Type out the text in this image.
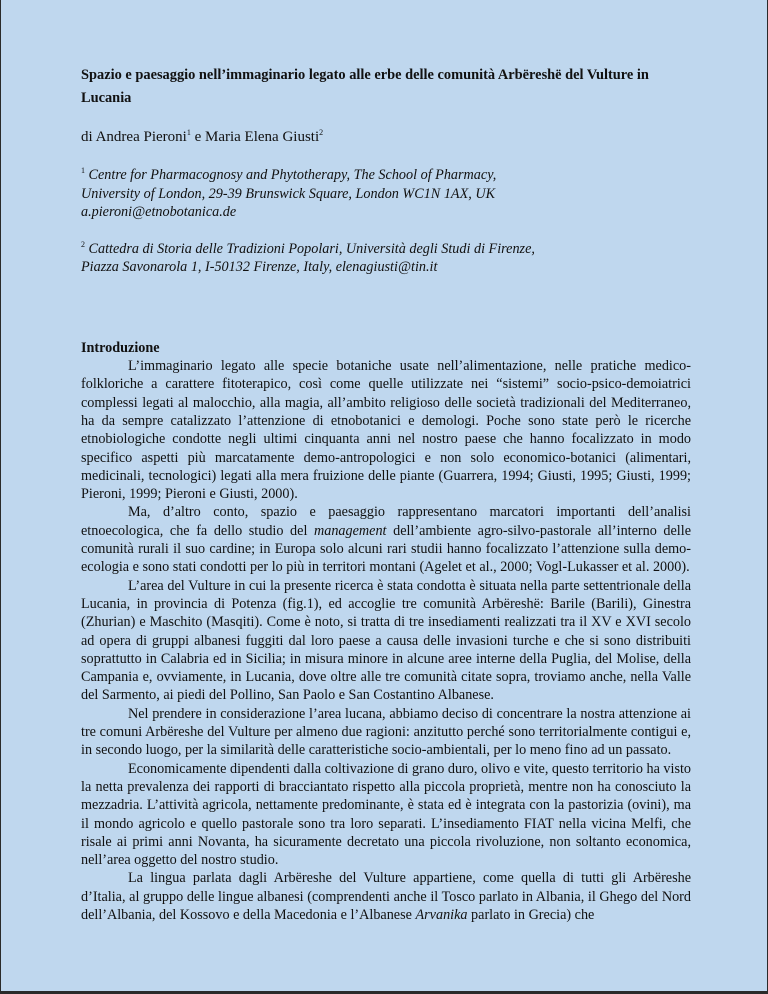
Spazio e paesaggio nell’immaginario legato alle erbe delle comunità Arbëreshë del Vulture in Lucania
di Andrea Pieroni$^1$ e Maria Elena Giusti$^2$
$^1$ Centre for Pharmacognosy and Phytotherapy, The School of Pharmacy,
University of London, 29-39 Brunswick Square, London WC1N 1AX, UK
a.pieroni@etnobotanica.de
$^2$ Cattedra di Storia delle Tradizioni Popolari, Università degli Studi di Firenze,
Piazza Savonarola 1, I-50132 Firenze, Italy, elenagiusti@tin.it
Introduzione

L’immaginario legato alle specie botaniche usate nell’alimentazione, nelle pratiche medico-folkloriche a carattere fitoterapico, così come quelle utilizzate nei “sistemi” socio-psico-demoiatrici complessi legati al malocchio, alla magia, all’ambito religioso delle società tradizionali del Mediterraneo, ha da sempre catalizzato l’attenzione di etnobotanici e demologi. Poche sono state però le ricerche etnobiologiche condotte negli ultimi cinquanta anni nel nostro paese che hanno focalizzato in modo specifico aspetti più marcatamente demo-antropologici e non solo economico-botanici (alimentari, medicinali, tecnologici) legati alla mera fruizione delle piante (Guarrera, 1994; Giusti, 1995; Giusti, 1999; Pieroni, 1999; Pieroni e Giusti, 2000).

Ma, d’altro conto, spazio e paesaggio rappresentano marcatori importanti dell’analisi etnoecologica, che fa dello studio del management dell’ambiente agro-silvo-pastorale all’interno delle comunità rurali il suo cardine; in Europa solo alcuni rari studii hanno focalizzato l’attenzione sulla demo-ecologia e sono stati condotti per lo più in territori montani (Agelet et al., 2000; Vogl-Lukasser et al. 2000).

L’area del Vulture in cui la presente ricerca è stata condotta è situata nella parte settentrionale della Lucania, in provincia di Potenza (fig.1), ed accoglie tre comunità Arbëreshë: Barile (Barili), Ginestra (Zhurian) e Maschito (Masqiti). Come è noto, si tratta di tre insediamenti realizzati tra il XV e XVI secolo ad opera di gruppi albanesi fuggiti dal loro paese a causa delle invasioni turche e che si sono distribuiti soprattutto in Calabria ed in Sicilia; in misura minore in alcune aree interne della Puglia, del Molise, della Campania e, ovviamente, in Lucania, dove oltre alle tre comunità citate sopra, troviamo anche, nella Valle del Sarmento, ai piedi del Pollino, San Paolo e San Costantino Albanese.

Nel prendere in considerazione l’area lucana, abbiamo deciso di concentrare la nostra attenzione ai tre comuni Arbëreshe del Vulture per almeno due ragioni: anzitutto perché sono territorialmente contigui e, in secondo luogo, per la similarità delle caratteristiche socio-ambientali, per lo meno fino ad un passato.

Economicamente dipendenti dalla coltivazione di grano duro, olivo e vite, questo territorio ha visto la netta prevalenza dei rapporti di bracciantato rispetto alla piccola proprietà, mentre non ha conosciuto la mezzadria. L’attività agricola, nettamente predominante, è stata ed è integrata con la pastorizia (ovini), ma il mondo agricolo e quello pastorale sono tra loro separati. L’insediamento FIAT nella vicina Melfi, che risale ai primi anni Novanta, ha sicuramente decretato una piccola rivoluzione, non soltanto economica, nell’area oggetto del nostro studio.

La lingua parlata dagli Arbëreshe del Vulture appartiene, come quella di tutti gli Arbëreshe d’Italia, al gruppo delle lingue albanesi (comprendenti anche il Tosco parlato in Albania, il Ghego del Nord dell’Albania, del Kossovo e della Macedonia e l’Albanese Arvanika parlato in Grecia) che
